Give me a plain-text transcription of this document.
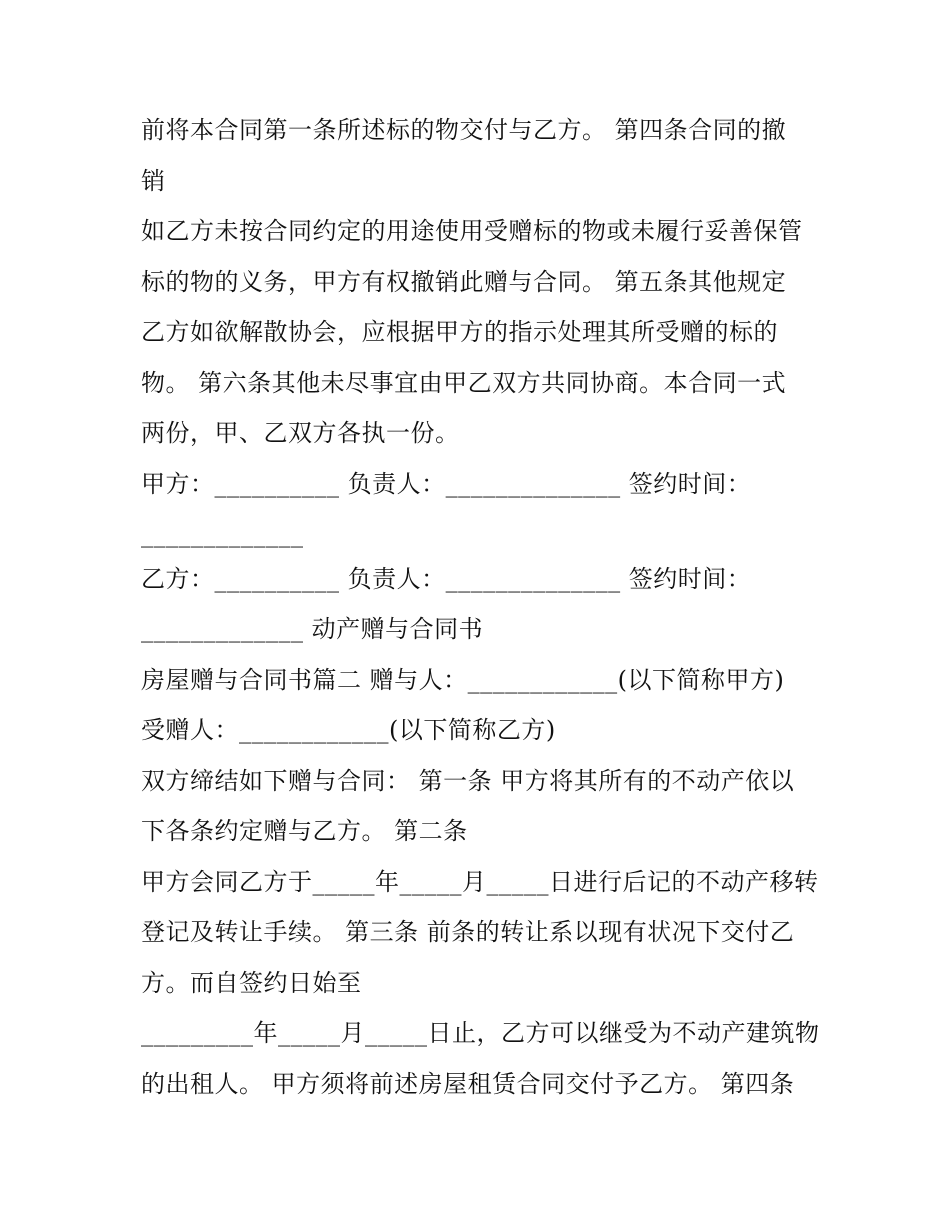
前将本合同第一条所述标的物交付与乙方。 第四条合同的撤
销
如乙方未按合同约定的用途使用受赠标的物或未履行妥善保管
标的物的义务，甲方有权撤销此赠与合同。 第五条其他规定
乙方如欲解散协会，应根据甲方的指示处理其所受赠的标的
物。 第六条其他未尽事宜由甲乙双方共同协商。本合同一式
两份，甲、乙双方各执一份。
甲方：__________ 负责人：______________ 签约时间：
_____________
乙方：__________ 负责人：______________ 签约时间：
_____________ 动产赠与合同书
房屋赠与合同书篇二 赠与人：____________(以下简称甲方)
受赠人：____________(以下简称乙方)
双方缔结如下赠与合同： 第一条 甲方将其所有的不动产依以
下各条约定赠与乙方。 第二条
甲方会同乙方于_____年_____月_____日进行后记的不动产移转
登记及转让手续。 第三条 前条的转让系以现有状况下交付乙
方。而自签约日始至
_________年_____月_____日止，乙方可以继受为不动产建筑物
的出租人。 甲方须将前述房屋租赁合同交付予乙方。 第四条
